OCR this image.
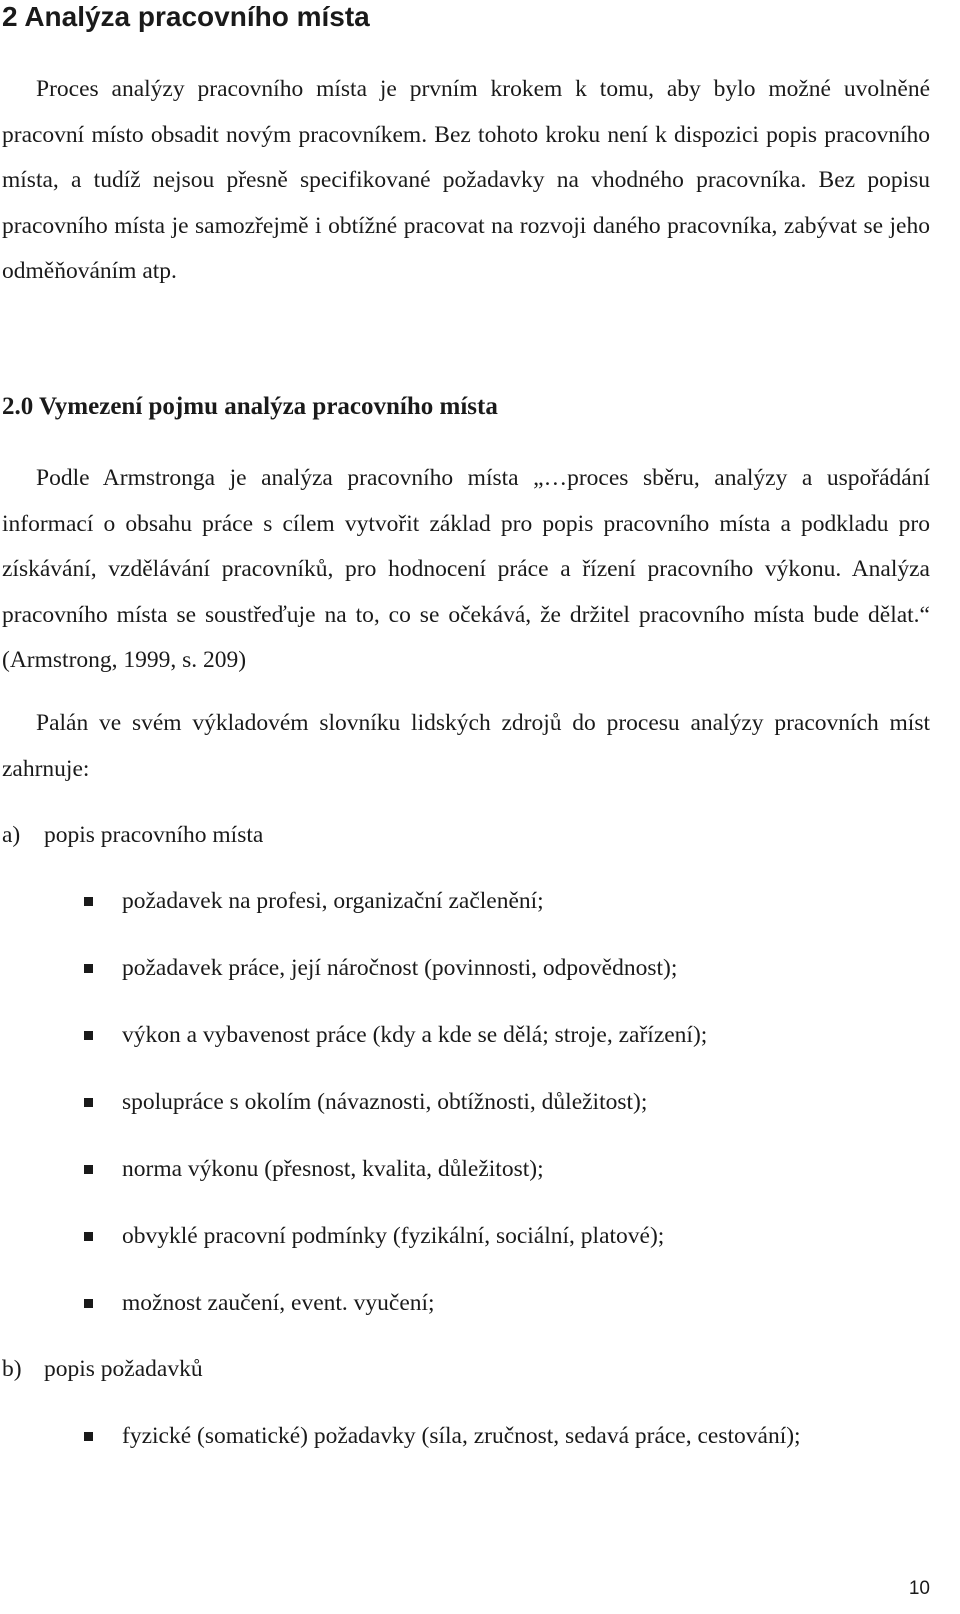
2 Analýza pracovního místa

Proces analýzy pracovního místa je prvním krokem k tomu, aby bylo možné uvolněné pracovní místo obsadit novým pracovníkem. Bez tohoto kroku není k dispozici popis pracovního místa, a tudíž nejsou přesně specifikované požadavky na vhodného pracovníka. Bez popisu pracovního místa je samozřejmě i obtížné pracovat na rozvoji daného pracovníka, zabývat se jeho odměňováním atp.

2.0 Vymezení pojmu analýza pracovního místa

Podle Armstronga je analýza pracovního místa „…proces sběru, analýzy a uspořádání informací o obsahu práce s cílem vytvořit základ pro popis pracovního místa a podkladu pro získávání, vzdělávání pracovníků, pro hodnocení práce a řízení pracovního výkonu. Analýza pracovního místa se soustřeďuje na to, co se očekává, že držitel pracovního místa bude dělat.“ (Armstrong, 1999, s. 209)

Palán ve svém výkladovém slovníku lidských zdrojů do procesu analýzy pracovních míst zahrnuje:

a) popis pracovního místa
požadavek na profesi, organizační začlenění;
požadavek práce, její náročnost (povinnosti, odpovědnost);
výkon a vybavenost práce (kdy a kde se dělá; stroje, zařízení);
spolupráce s okolím (návaznosti, obtížnosti, důležitost);
norma výkonu (přesnost, kvalita, důležitost);
obvyklé pracovní podmínky (fyzikální, sociální, platové);
možnost zaučení, event. vyučení;
b) popis požadavků
fyzické (somatické) požadavky (síla, zručnost, sedavá práce, cestování);
10
